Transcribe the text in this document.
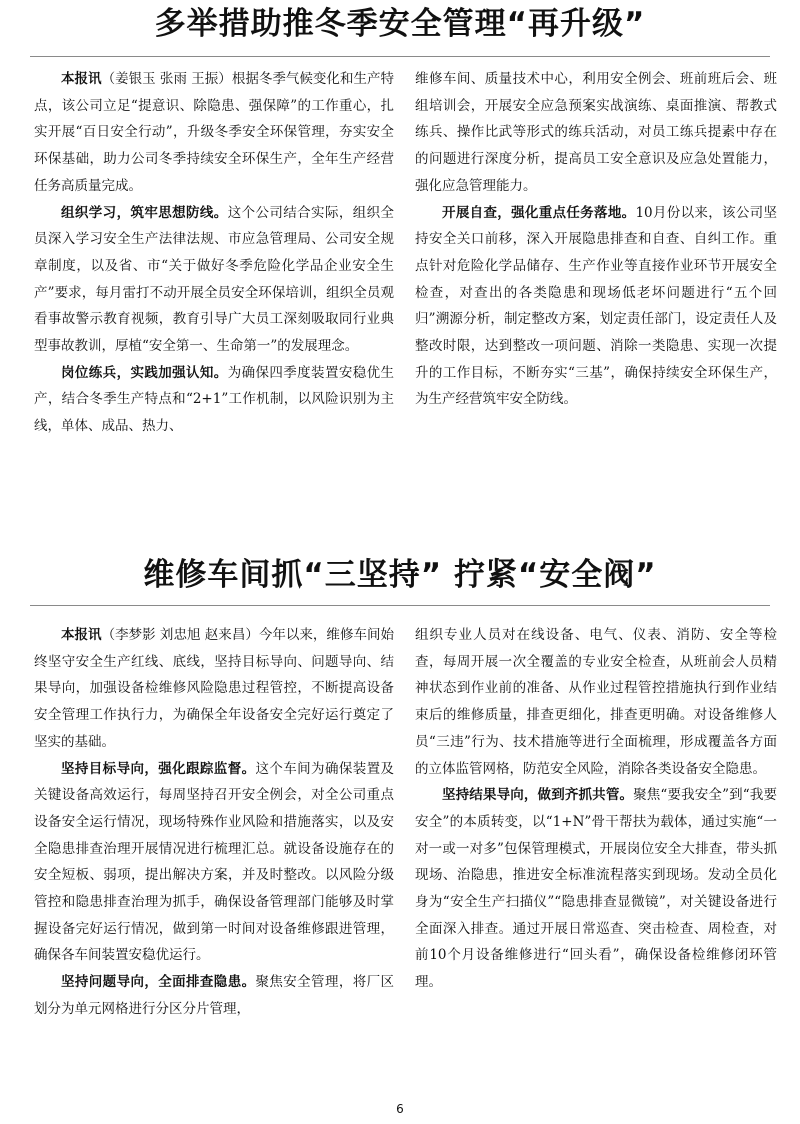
多举措助推冬季安全管理“再升级”

本报讯（姜银玉 张雨 王振）根据冬季气候变化和生产特点，该公司立足“提意识、除隐患、强保障”的工作重心，扎实开展“百日安全行动”，升级冬季安全环保管理，夯实安全环保基础，助力公司冬季持续安全环保生产，全年生产经营任务高质量完成。

组织学习，筑牢思想防线。这个公司结合实际，组织全员深入学习安全生产法律法规、市应急管理局、公司安全规章制度，以及省、市“关于做好冬季危险化学品企业安全生产”要求，每月雷打不动开展全员安全环保培训，组织全员观看事故警示教育视频，教育引导广大员工深刻吸取同行业典型事故教训，厚植“安全第一、生命第一”的发展理念。

岗位练兵，实践加强认知。为确保四季度装置安稳优生产，结合冬季生产特点和“2+1”工作机制，以风险识别为主线，单体、成品、热力、

维修车间、质量技术中心，利用安全例会、班前班后会、班组培训会，开展安全应急预案实战演练、桌面推演、帮教式练兵、操作比武等形式的练兵活动，对员工练兵提素中存在的问题进行深度分析，提高员工安全意识及应急处置能力，强化应急管理能力。

开展自查，强化重点任务落地。10月份以来，该公司坚持安全关口前移，深入开展隐患排查和自查、自纠工作。重点针对危险化学品储存、生产作业等直接作业环节开展安全检查，对查出的各类隐患和现场低老坏问题进行“五个回归”溯源分析，制定整改方案，划定责任部门，设定责任人及整改时限，达到整改一项问题、消除一类隐患、实现一次提升的工作目标，不断夯实“三基”，确保持续安全环保生产，为生产经营筑牢安全防线。

维修车间抓“三坚持” 拧紧“安全阀”

本报讯（李梦影 刘忠旭 赵来昌）今年以来，维修车间始终坚守安全生产红线、底线，坚持目标导向、问题导向、结果导向，加强设备检维修风险隐患过程管控，不断提高设备安全管理工作执行力，为确保全年设备安全完好运行奠定了坚实的基础。

坚持目标导向，强化跟踪监督。这个车间为确保装置及关键设备高效运行，每周坚持召开安全例会，对全公司重点设备安全运行情况，现场特殊作业风险和措施落实，以及安全隐患排查治理开展情况进行梳理汇总。就设备设施存在的安全短板、弱项，提出解决方案，并及时整改。以风险分级管控和隐患排查治理为抓手，确保设备管理部门能够及时掌握设备完好运行情况，做到第一时间对设备维修跟进管理，确保各车间装置安稳优运行。

坚持问题导向，全面排查隐患。聚焦安全管理，将厂区划分为单元网格进行分区分片管理，

组织专业人员对在线设备、电气、仪表、消防、安全等检查，每周开展一次全覆盖的专业安全检查，从班前会人员精神状态到作业前的准备、从作业过程管控措施执行到作业结束后的维修质量，排查更细化，排查更明确。对设备维修人员“三违”行为、技术措施等进行全面梳理，形成覆盖各方面的立体监管网格，防范安全风险，消除各类设备安全隐患。

坚持结果导向，做到齐抓共管。聚焦“要我安全”到“我要安全”的本质转变，以“1+N”骨干帮扶为载体，通过实施“一对一或一对多”包保管理模式，开展岗位安全大排查，带头抓现场、治隐患，推进安全标准流程落实到现场。发动全员化身为“安全生产扫描仪”“隐患排查显微镜”，对关键设备进行全面深入排查。通过开展日常巡查、突击检查、周检查，对前10个月设备维修进行“回头看”，确保设备检维修闭环管理。

6
